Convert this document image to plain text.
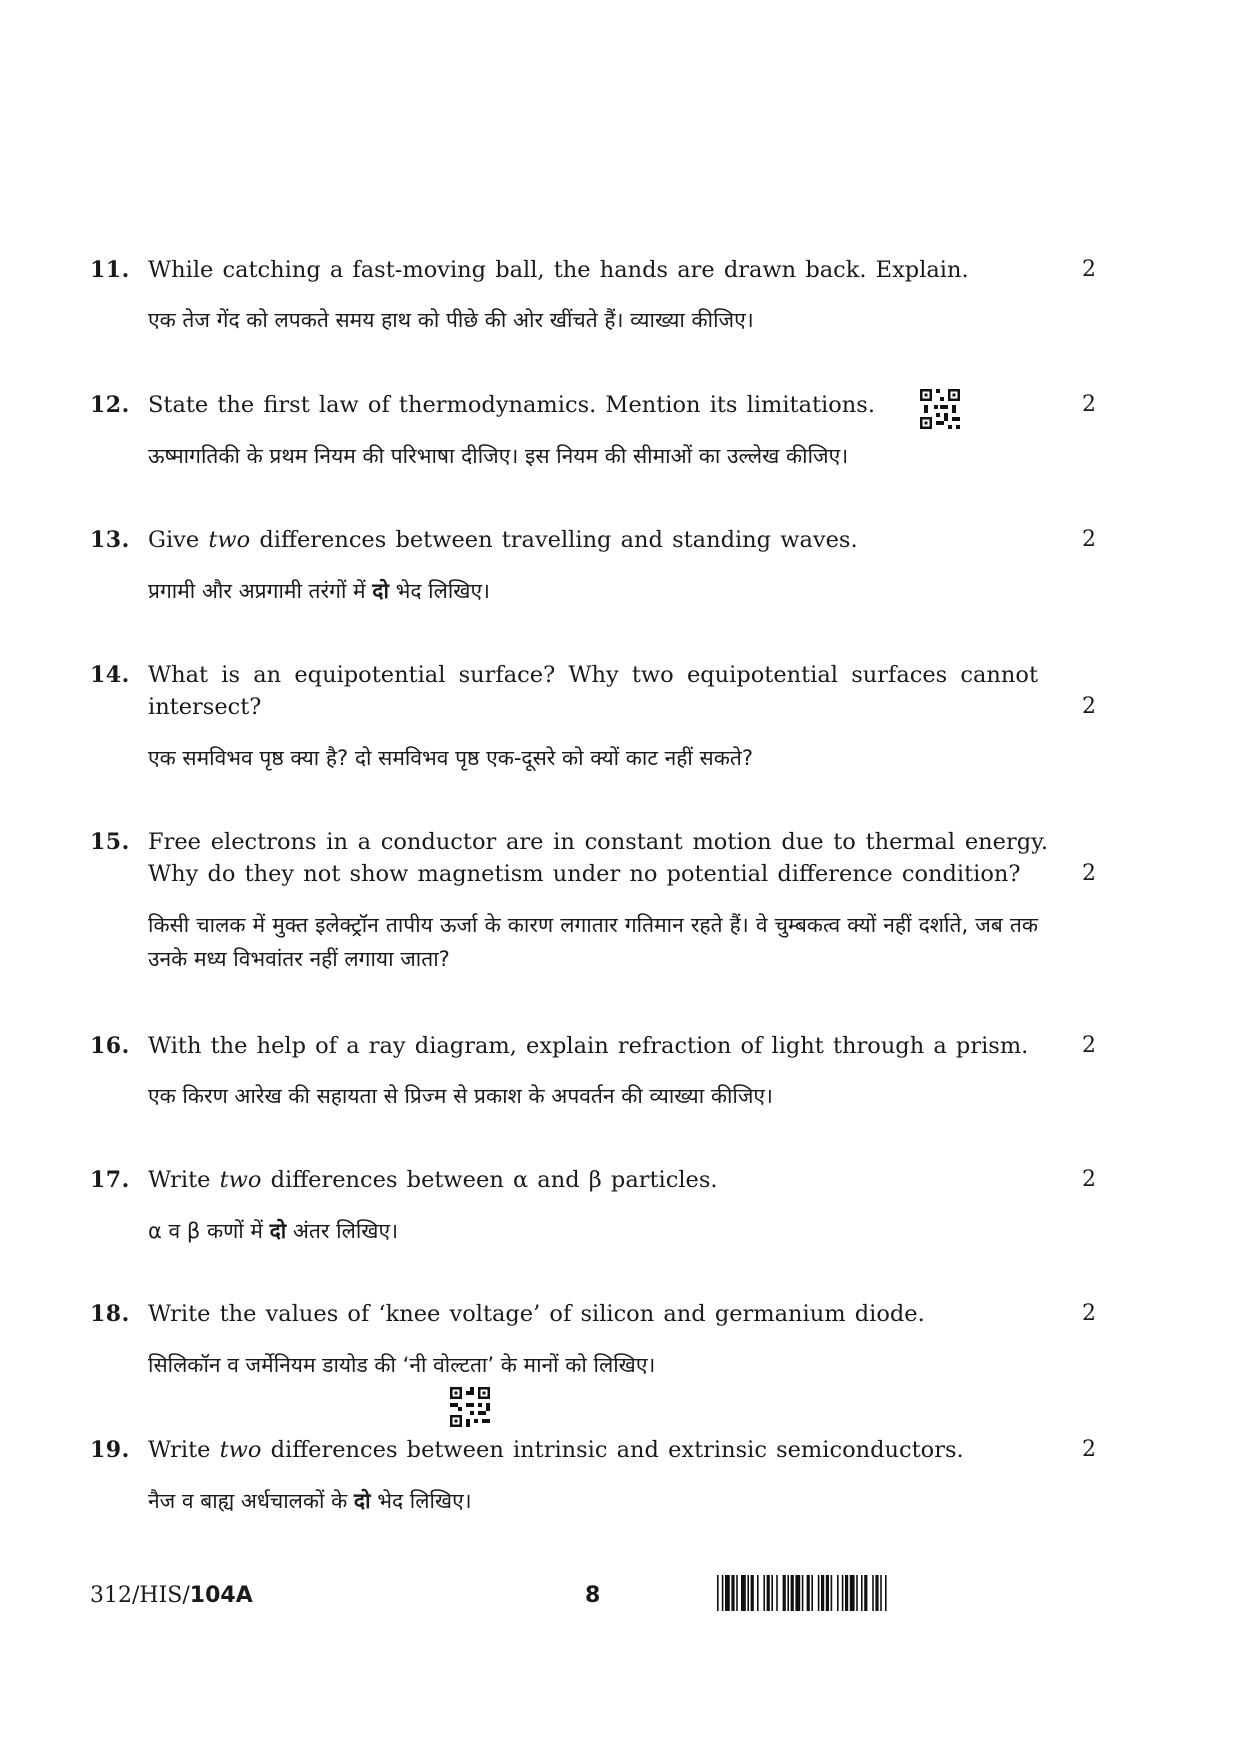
11. While catching a fast-moving ball, the hands are drawn back. Explain.	2
एक तेज गेंद को लपकते समय हाथ को पीछे की ओर खींचते हैं। व्याख्या कीजिए।
12. State the first law of thermodynamics. Mention its limitations.	2
ऊष्मागतिकी के प्रथम नियम की परिभाषा दीजिए। इस नियम की सीमाओं का उल्लेख कीजिए।
13. Give two differences between travelling and standing waves.	2
प्रगामी और अप्रगामी तरंगों में दो भेद लिखिए।
14. What is an equipotential surface? Why two equipotential surfaces cannot intersect?	2
एक समविभव पृष्ठ क्या है? दो समविभव पृष्ठ एक-दूसरे को क्यों काट नहीं सकते?
15. Free electrons in a conductor are in constant motion due to thermal energy. Why do they not show magnetism under no potential difference condition?	2
किसी चालक में मुक्त इलेक्ट्रॉन तापीय ऊर्जा के कारण लगातार गतिमान रहते हैं। वे चुम्बकत्व क्यों नहीं दर्शाते, जब तक उनके मध्य विभवांतर नहीं लगाया जाता?
16. With the help of a ray diagram, explain refraction of light through a prism.	2
एक किरण आरेख की सहायता से प्रिज्म से प्रकाश के अपवर्तन की व्याख्या कीजिए।
17. Write two differences between α and β particles.	2
α व β कणों में दो अंतर लिखिए।
18. Write the values of ‘knee voltage’ of silicon and germanium diode.	2
सिलिकॉन व जर्मेनियम डायोड की ‘नी वोल्टता’ के मानों को लिखिए।
19. Write two differences between intrinsic and extrinsic semiconductors.	2
नैज व बाह्य अर्धचालकों के दो भेद लिखिए।
312/HIS/104A	8
